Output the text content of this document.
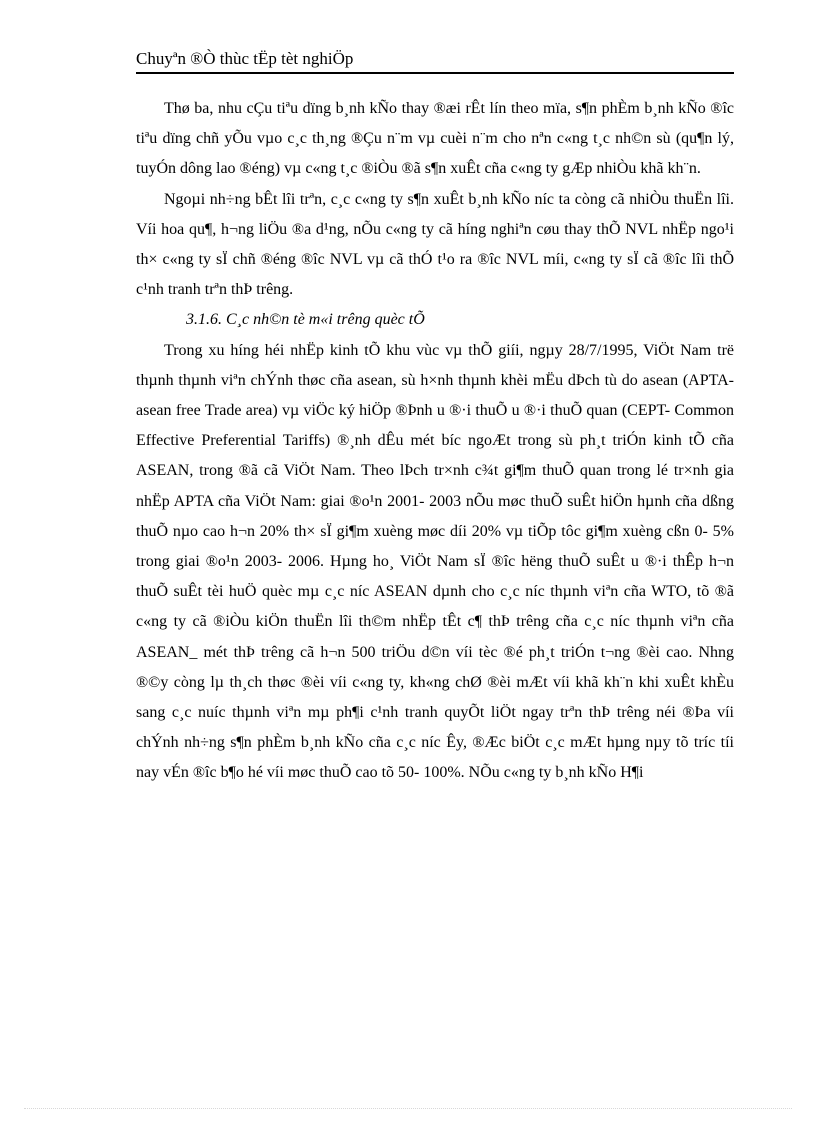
Chuyªn ®Ò thùc tËp tèt nghiÖp

Thø ba, nhu cÇu tiªu dïng b¸nh kÑo thay ®æi rÊt lín theo mïa, s¶n phÈm b¸nh kÑo ®îc tiªu dïng chñ yÕu vµo c¸c th¸ng ®Çu n¨m vµ cuèi n¨m cho nªn c«ng t¸c nh©n sù (qu¶n lý, tuyÓn dông lao ®éng) vµ c«ng t¸c ®iÒu ®ã s¶n xuÊt cña c«ng ty gÆp nhiÒu khã kh¨n.

Ngoµi nh÷ng bÊt lîi trªn, c¸c c«ng ty s¶n xuÊt b¸nh kÑo níc ta còng cã nhiÒu thuËn lîi. Víi hoa qu¶, h¬ng liÖu ®a d¹ng, nÕu c«ng ty cã híng nghiªn cøu thay thÕ NVL nhËp ngo¹i th× c«ng ty sÏ chñ ®éng ®îc NVL vµ cã thÓ t¹o ra ®îc NVL míi, c«ng ty sÏ cã ®îc lîi thÕ c¹nh tranh trªn thÞ trêng.

3.1.6. C¸c nh©n tè m«i trêng quèc tÕ

Trong xu híng héi nhËp kinh tÕ khu vùc vµ thÕ giíi, ngµy 28/7/1995, ViÖt Nam trë thµnh thµnh viªn chÝnh thøc cña asean, sù h×nh thµnh khèi mËu dÞch tù do asean (APTA- asean free Trade area) vµ viÖc ký hiÖp ®Þnh u ®·i thuÕ u ®·i thuÕ quan (CEPT- Common Effective Preferential Tariffs) ®¸nh dÊu mét bíc ngoÆt trong sù ph¸t triÓn kinh tÕ cña ASEAN, trong ®ã cã ViÖt Nam. Theo lÞch tr×nh c¾t gi¶m thuÕ quan trong lé tr×nh gia nhËp APTA cña ViÖt Nam: giai ®o¹n 2001- 2003 nÕu møc thuÕ suÊt hiÖn hµnh cña dßng thuÕ nµo cao h¬n 20% th× sÏ gi¶m xuèng møc díi 20% vµ tiÕp tôc gi¶m xuèng cßn 0- 5% trong giai ®o¹n 2003- 2006. Hµng ho¸ ViÖt Nam sÏ ®îc hëng thuÕ suÊt u ®·i thÊp h¬n thuÕ suÊt tèi huÖ quèc mµ c¸c níc ASEAN dµnh cho c¸c níc thµnh viªn cña WTO, tõ ®ã c«ng ty cã ®iÒu kiÖn thuËn lîi th©m nhËp tÊt c¶ thÞ trêng cña c¸c níc thµnh viªn cña ASEAN_ mét thÞ trêng cã h¬n 500 triÖu d©n víi tèc ®é ph¸t triÓn t¬ng ®èi cao. Nhng ®©y còng lµ th¸ch thøc ®èi víi c«ng ty, kh«ng chØ ®èi mÆt víi khã kh¨n khi xuÊt khÈu sang c¸c nuíc thµnh viªn mµ ph¶i c¹nh tranh quyÕt liÖt ngay trªn thÞ trêng néi ®Þa víi chÝnh nh÷ng s¶n phÈm b¸nh kÑo cña c¸c níc Êy, ®Æc biÖt c¸c mÆt hµng nµy tõ tríc tíi nay vÉn ®îc b¶o hé víi møc thuÕ cao tõ 50- 100%. NÕu c«ng ty b¸nh kÑo H¶i
